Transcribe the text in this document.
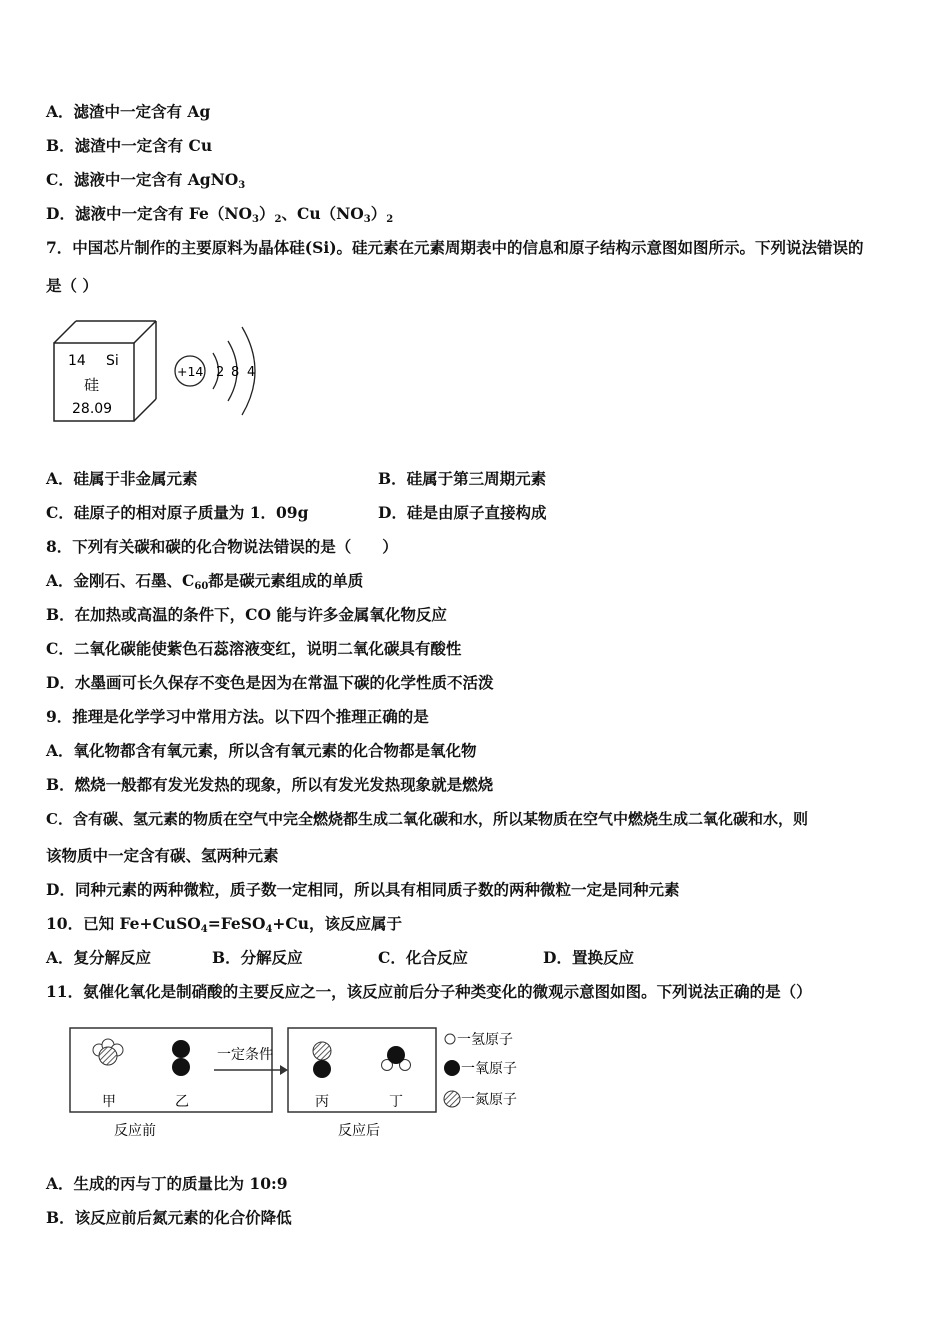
A．滤渣中一定含有 Ag
B．滤渣中一定含有 Cu
C．滤液中一定含有 AgNO$_3$
D．滤液中一定含有 $Fe(NO_3)_2$、$Cu(NO_3)_2$
7．中国芯片制作的主要原料为晶体硅(Si)。硅元素在元素周期表中的信息和原子结构示意图如图所示。下列说法错误的
是（ ）
14 Si
硅
28.09
+14 2 8 4
A．硅属于非金属元素	B．硅属于第三周期元素
C．硅原子的相对原子质量为 1．09g	D．硅是由原子直接构成
8．下列有关碳和碳的化合物说法错误的是（　　）
A．金刚石、石墨、$C_{60}$都是碳元素组成的单质
B．在加热或高温的条件下，CO 能与许多金属氧化物反应
C．二氧化碳能使紫色石蕊溶液变红，说明二氧化碳具有酸性
D．水墨画可长久保存不变色是因为在常温下碳的化学性质不活泼
9．推理是化学学习中常用方法。以下四个推理正确的是
A．氧化物都含有氧元素，所以含有氧元素的化合物都是氧化物
B．燃烧一般都有发光发热的现象，所以有发光发热现象就是燃烧
C．含有碳、氢元素的物质在空气中完全燃烧都生成二氧化碳和水，所以某物质在空气中燃烧生成二氧化碳和水，则
该物质中一定含有碳、氢两种元素
D．同种元素的两种微粒，质子数一定相同，所以具有相同质子数的两种微粒一定是同种元素
10．已知 Fe+CuSO$_4$=FeSO$_4$+Cu，该反应属于
A．复分解反应	B．分解反应	C．化合反应	D．置换反应
11．氨催化氧化是制硝酸的主要反应之一，该反应前后分子种类变化的微观示意图如图。下列说法正确的是（）
甲	乙
一定条件
丙	丁
反应前	反应后
一氢原子
一氧原子
一氮原子
A．生成的丙与丁的质量比为 10:9
B．该反应前后氮元素的化合价降低
